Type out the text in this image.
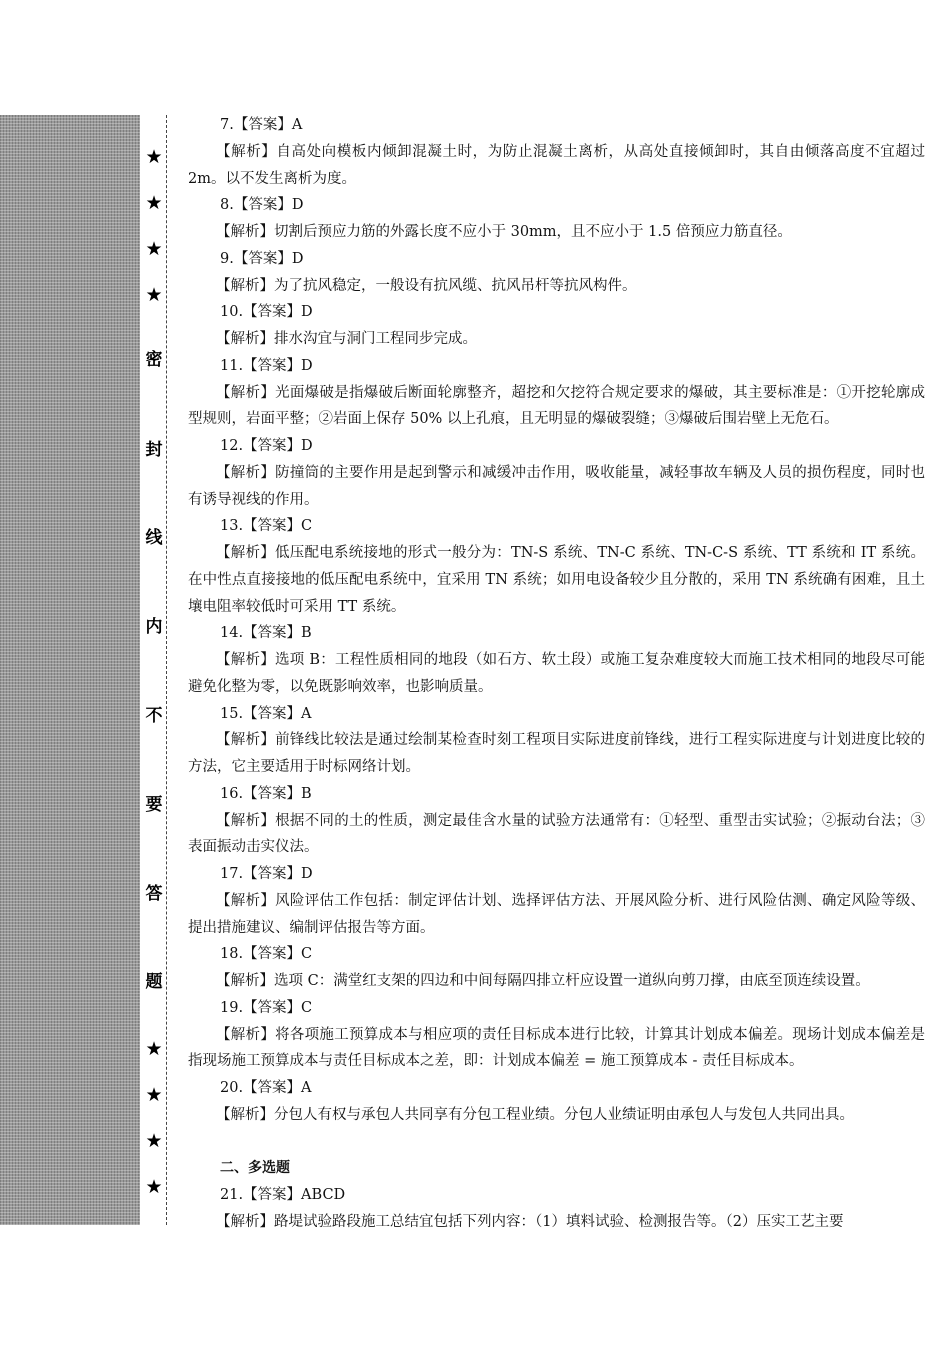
★
★
★
★
密
封
线
内
不
要
答
题
★
★
★
★

7.【答案】A

【解析】自高处向模板内倾卸混凝土时，为防止混凝土离析，从高处直接倾卸时，其自由倾落高度不宜超过 2m。以不发生离析为度。

8.【答案】D

【解析】切割后预应力筋的外露长度不应小于 30mm，且不应小于 1.5 倍预应力筋直径。

9.【答案】D

【解析】为了抗风稳定，一般设有抗风缆、抗风吊杆等抗风构件。

10.【答案】D

【解析】排水沟宜与洞门工程同步完成。

11.【答案】D

【解析】光面爆破是指爆破后断面轮廓整齐，超挖和欠挖符合规定要求的爆破，其主要标准是：①开挖轮廓成型规则，岩面平整；②岩面上保存 50% 以上孔痕，且无明显的爆破裂缝；③爆破后围岩壁上无危石。

12.【答案】D

【解析】防撞筒的主要作用是起到警示和减缓冲击作用，吸收能量，减轻事故车辆及人员的损伤程度，同时也有诱导视线的作用。

13.【答案】C

【解析】低压配电系统接地的形式一般分为：TN-S 系统、TN-C 系统、TN-C-S 系统、TT 系统和 IT 系统。在中性点直接接地的低压配电系统中，宜采用 TN 系统；如用电设备较少且分散的，采用 TN 系统确有困难，且土壤电阻率较低时可采用 TT 系统。

14.【答案】B

【解析】选项 B：工程性质相同的地段（如石方、软土段）或施工复杂难度较大而施工技术相同的地段尽可能避免化整为零，以免既影响效率，也影响质量。

15.【答案】A

【解析】前锋线比较法是通过绘制某检查时刻工程项目实际进度前锋线，进行工程实际进度与计划进度比较的方法，它主要适用于时标网络计划。

16.【答案】B

【解析】根据不同的土的性质，测定最佳含水量的试验方法通常有：①轻型、重型击实试验；②振动台法；③表面振动击实仪法。

17.【答案】D

【解析】风险评估工作包括：制定评估计划、选择评估方法、开展风险分析、进行风险估测、确定风险等级、提出措施建议、编制评估报告等方面。

18.【答案】C

【解析】选项 C：满堂红支架的四边和中间每隔四排立杆应设置一道纵向剪刀撑，由底至顶连续设置。

19.【答案】C

【解析】将各项施工预算成本与相应项的责任目标成本进行比较，计算其计划成本偏差。现场计划成本偏差是指现场施工预算成本与责任目标成本之差，即：计划成本偏差 = 施工预算成本 - 责任目标成本。

20.【答案】A

【解析】分包人有权与承包人共同享有分包工程业绩。分包人业绩证明由承包人与发包人共同出具。

二、多选题

21.【答案】ABCD

【解析】路堤试验路段施工总结宜包括下列内容：（1）填料试验、检测报告等。（2）压实工艺主要
